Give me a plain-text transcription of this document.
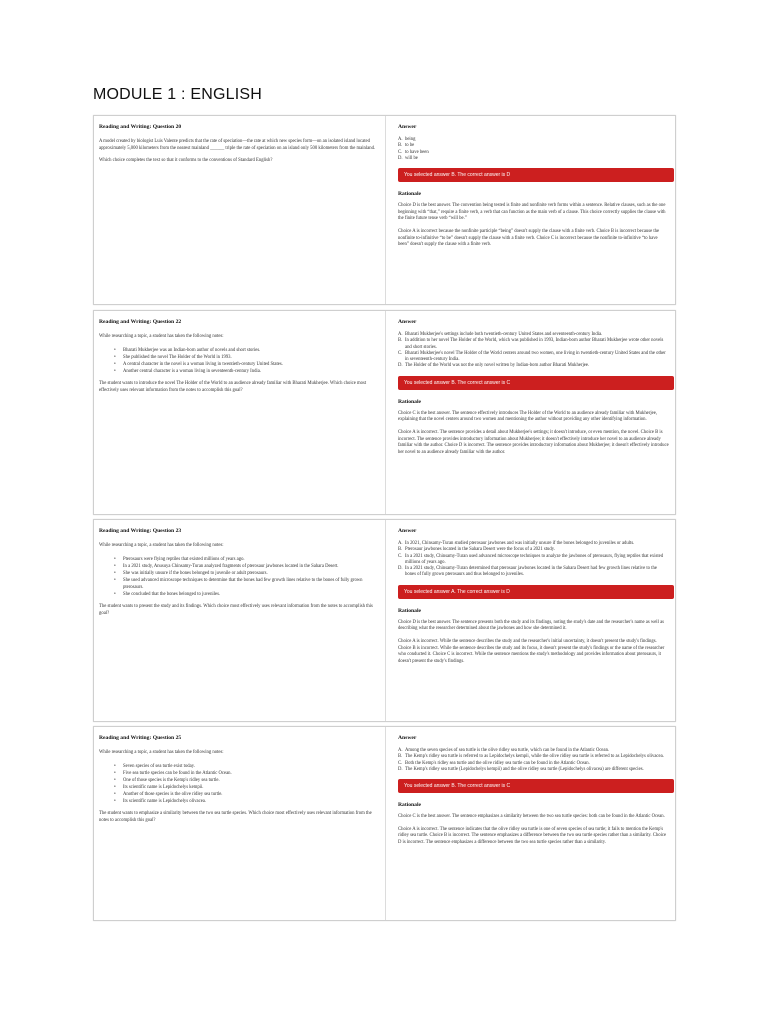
MODULE 1 : ENGLISH
Reading and Writing: Question 20
A model created by biologist Luis Valente predicts that the rate of speciation—the rate at which new species form—on an isolated island located approximately 5,000 kilometers from the nearest mainland ______ triple the rate of speciation on an island only 500 kilometers from the mainland.
Which choice completes the text so that it conforms to the conventions of Standard English?
Answer
A. being
B. to be
C. to have been
D. will be
You selected answer B. The correct answer is D
Rationale
Choice D is the best answer. The convention being tested is finite and nonfinite verb forms within a sentence. Relative clauses, such as the one beginning with “that,” require a finite verb, a verb that can function as the main verb of a clause. This choice correctly supplies the clause with the finite future tense verb “will be.”
Choice A is incorrect because the nonfinite participle “being” doesn't supply the clause with a finite verb. Choice B is incorrect because the nonfinite to-infinitive “to be” doesn't supply the clause with a finite verb. Choice C is incorrect because the nonfinite to-infinitive “to have been” doesn't supply the clause with a finite verb.
Reading and Writing: Question 22
While researching a topic, a student has taken the following notes:
• Bharati Mukherjee was an Indian-born author of novels and short stories.
• She published the novel The Holder of the World in 1993.
• A central character in the novel is a woman living in twentieth-century United States.
• Another central character is a woman living in seventeenth-century India.
The student wants to introduce the novel The Holder of the World to an audience already familiar with Bharati Mukherjee. Which choice most effectively uses relevant information from the notes to accomplish this goal?
Answer
A. Bharati Mukherjee's settings include both twentieth-century United States and seventeenth-century India.
B. In addition to her novel The Holder of the World, which was published in 1993, Indian-born author Bharati Mukherjee wrote other novels and short stories.
C. Bharati Mukherjee's novel The Holder of the World centers around two women, one living in twentieth-century United States and the other in seventeenth-century India.
D. The Holder of the World was not the only novel written by Indian-born author Bharati Mukherjee.
You selected answer B. The correct answer is C
Rationale
Choice C is the best answer. The sentence effectively introduces The Holder of the World to an audience already familiar with Mukherjee, explaining that the novel centers around two women and mentioning the author without providing any other identifying information.
Choice A is incorrect. The sentence provides a detail about Mukherjee's settings; it doesn't introduce, or even mention, the novel. Choice B is incorrect. The sentence provides introductory information about Mukherjee; it doesn't effectively introduce her novel to an audience already familiar with the author. Choice D is incorrect. The sentence provides introductory information about Mukherjee; it doesn't effectively introduce her novel to an audience already familiar with the author.
Reading and Writing: Question 23
While researching a topic, a student has taken the following notes:
• Pterosaurs were flying reptiles that existed millions of years ago.
• In a 2021 study, Anusuya Chinsamy-Turan analyzed fragments of pterosaur jawbones located in the Sahara Desert.
• She was initially unsure if the bones belonged to juvenile or adult pterosaurs.
• She used advanced microscope techniques to determine that the bones had few growth lines relative to the bones of fully grown pterosaurs.
• She concluded that the bones belonged to juveniles.
The student wants to present the study and its findings. Which choice most effectively uses relevant information from the notes to accomplish this goal?
Answer
A. In 2021, Chinsamy-Turan studied pterosaur jawbones and was initially unsure if the bones belonged to juveniles or adults.
B. Pterosaur jawbones located in the Sahara Desert were the focus of a 2021 study.
C. In a 2021 study, Chinsamy-Turan used advanced microscope techniques to analyze the jawbones of pterosaurs, flying reptiles that existed millions of years ago.
D. In a 2021 study, Chinsamy-Turan determined that pterosaur jawbones located in the Sahara Desert had few growth lines relative to the bones of fully grown pterosaurs and thus belonged to juveniles.
You selected answer A. The correct answer is D
Rationale
Choice D is the best answer. The sentence presents both the study and its findings, noting the study's date and the researcher's name as well as describing what the researcher determined about the jawbones and how she determined it.
Choice A is incorrect. While the sentence describes the study and the researcher's initial uncertainty, it doesn't present the study's findings. Choice B is incorrect. While the sentence describes the study and its focus, it doesn't present the study's findings or the name of the researcher who conducted it. Choice C is incorrect. While the sentence mentions the study's methodology and provides information about pterosaurs, it doesn't present the study's findings.
Reading and Writing: Question 25
While researching a topic, a student has taken the following notes:
• Seven species of sea turtle exist today.
• Five sea turtle species can be found in the Atlantic Ocean.
• One of those species is the Kemp's ridley sea turtle.
• Its scientific name is Lepidochelys kempii.
• Another of those species is the olive ridley sea turtle.
• Its scientific name is Lepidochelys olivacea.
The student wants to emphasize a similarity between the two sea turtle species. Which choice most effectively uses relevant information from the notes to accomplish this goal?
Answer
A. Among the seven species of sea turtle is the olive ridley sea turtle, which can be found in the Atlantic Ocean.
B. The Kemp's ridley sea turtle is referred to as Lepidochelys kempii, while the olive ridley sea turtle is referred to as Lepidochelys olivacea.
C. Both the Kemp's ridley sea turtle and the olive ridley sea turtle can be found in the Atlantic Ocean.
D. The Kemp's ridley sea turtle (Lepidochelys kempii) and the olive ridley sea turtle (Lepidochelys olivacea) are different species.
You selected answer B. The correct answer is C
Rationale
Choice C is the best answer. The sentence emphasizes a similarity between the two sea turtle species: both can be found in the Atlantic Ocean.
Choice A is incorrect. The sentence indicates that the olive ridley sea turtle is one of seven species of sea turtle; it fails to mention the Kemp's ridley sea turtle. Choice B is incorrect. The sentence emphasizes a difference between the two sea turtle species rather than a similarity. Choice D is incorrect. The sentence emphasizes a difference between the two sea turtle species rather than a similarity.
